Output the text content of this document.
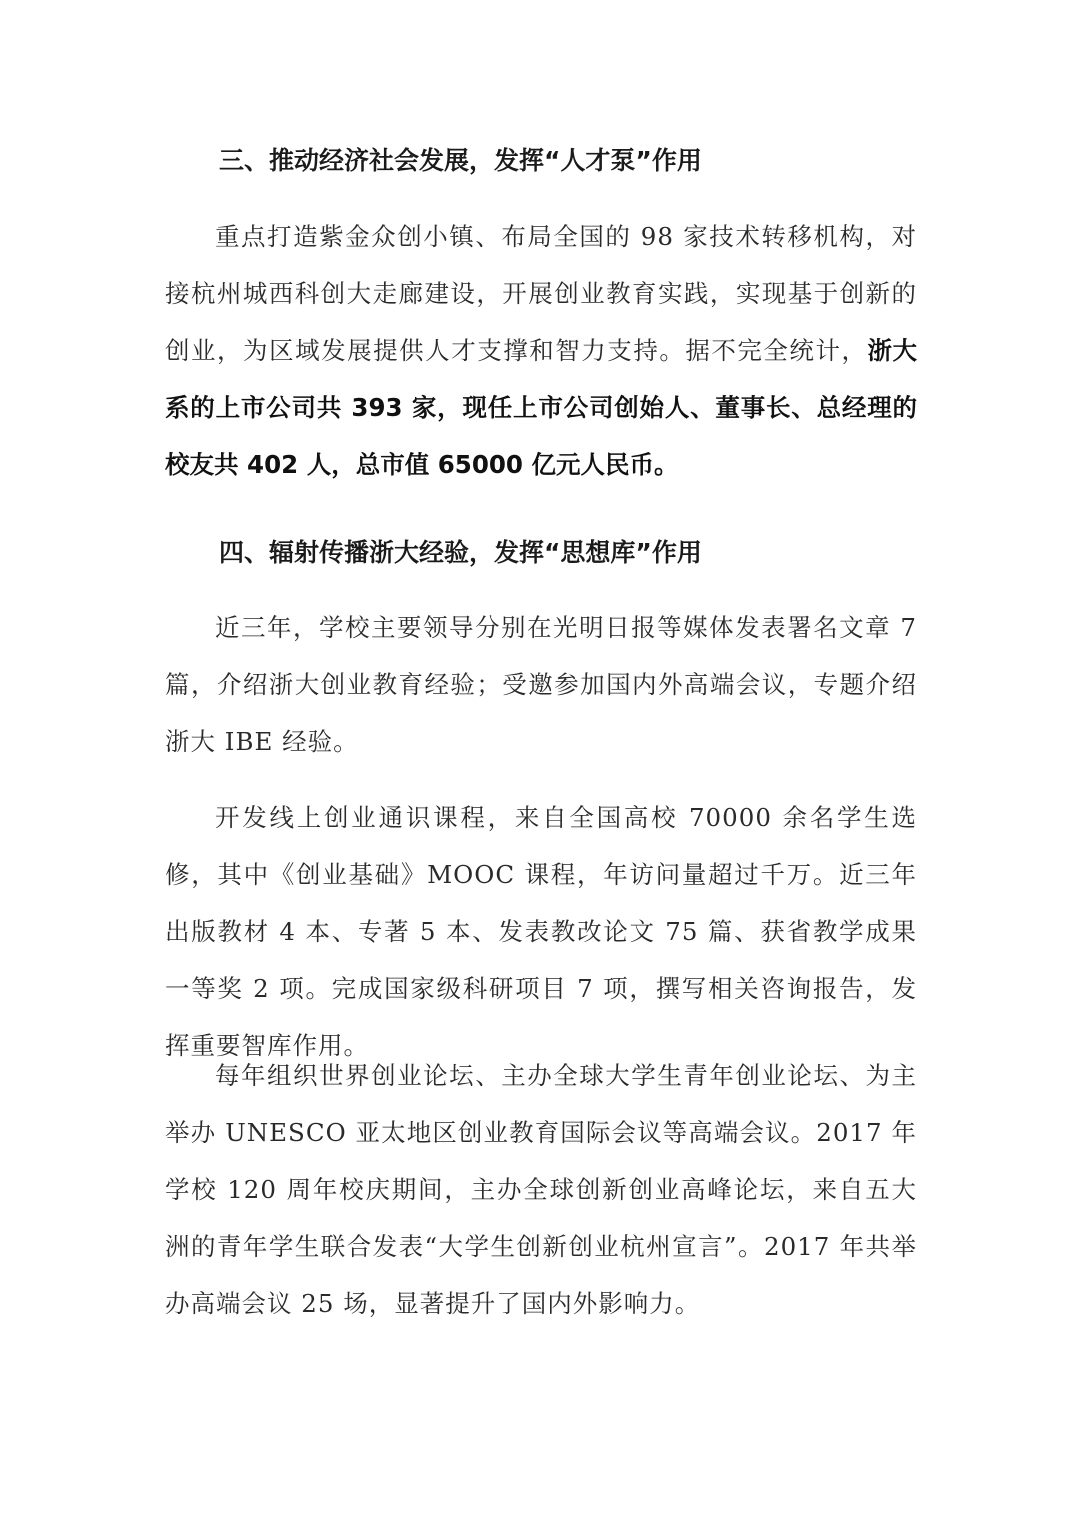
三、推动经济社会发展，发挥“人才泵”作用
重点打造紫金众创小镇、布局全国的 98 家技术转移机构，对接杭州城西科创大走廊建设，开展创业教育实践，实现基于创新的创业，为区域发展提供人才支撑和智力支持。据不完全统计，浙大系的上市公司共 393 家，现任上市公司创始人、董事长、总经理的校友共 402 人，总市值 65000 亿元人民币。
四、辐射传播浙大经验，发挥“思想库”作用
近三年，学校主要领导分别在光明日报等媒体发表署名文章 7 篇，介绍浙大创业教育经验；受邀参加国内外高端会议，专题介绍浙大 IBE 经验。
开发线上创业通识课程，来自全国高校 70000 余名学生选修，其中《创业基础》MOOC 课程，年访问量超过千万。近三年出版教材 4 本、专著 5 本、发表教改论文 75 篇、获省教学成果一等奖 2 项。完成国家级科研项目 7 项，撰写相关咨询报告，发挥重要智库作用。
每年组织世界创业论坛、主办全球大学生青年创业论坛、为主举办 UNESCO 亚太地区创业教育国际会议等高端会议。2017 年学校 120 周年校庆期间，主办全球创新创业高峰论坛，来自五大洲的青年学生联合发表“大学生创新创业杭州宣言”。2017 年共举办高端会议 25 场，显著提升了国内外影响力。
